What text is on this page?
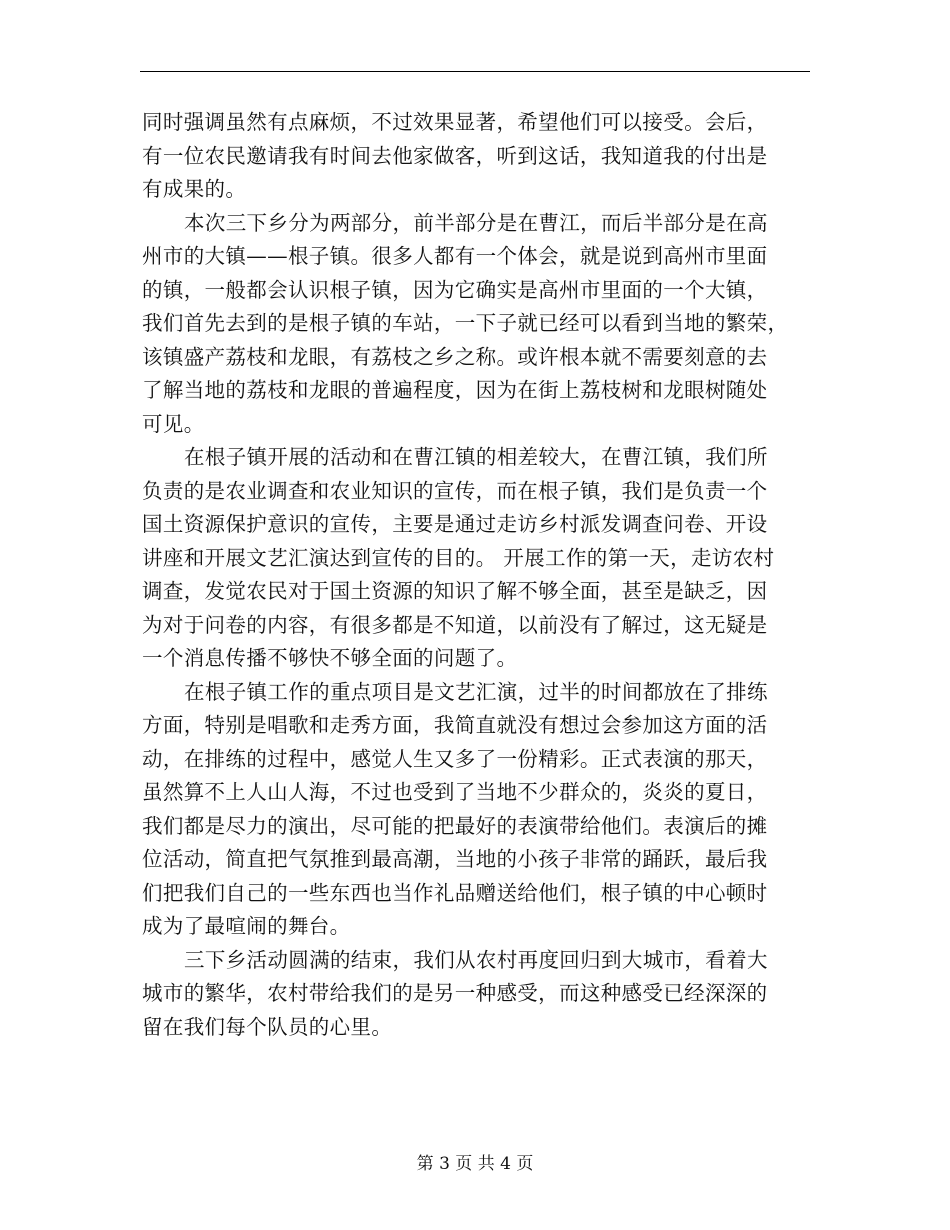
同时强调虽然有点麻烦，不过效果显著，希望他们可以接受。会后，
有一位农民邀请我有时间去他家做客，听到这话，我知道我的付出是
有成果的。
本次三下乡分为两部分，前半部分是在曹江，而后半部分是在高
州市的大镇——根子镇。很多人都有一个体会，就是说到高州市里面
的镇，一般都会认识根子镇，因为它确实是高州市里面的一个大镇，
我们首先去到的是根子镇的车站，一下子就已经可以看到当地的繁荣，
该镇盛产荔枝和龙眼，有荔枝之乡之称。或许根本就不需要刻意的去
了解当地的荔枝和龙眼的普遍程度，因为在街上荔枝树和龙眼树随处
可见。
在根子镇开展的活动和在曹江镇的相差较大，在曹江镇，我们所
负责的是农业调查和农业知识的宣传，而在根子镇，我们是负责一个
国土资源保护意识的宣传，主要是通过走访乡村派发调查问卷、开设
讲座和开展文艺汇演达到宣传的目的。 开展工作的第一天，走访农村
调查，发觉农民对于国土资源的知识了解不够全面，甚至是缺乏，因
为对于问卷的内容，有很多都是不知道，以前没有了解过，这无疑是
一个消息传播不够快不够全面的问题了。
在根子镇工作的重点项目是文艺汇演，过半的时间都放在了排练
方面，特别是唱歌和走秀方面，我简直就没有想过会参加这方面的活
动，在排练的过程中，感觉人生又多了一份精彩。正式表演的那天，
虽然算不上人山人海，不过也受到了当地不少群众的，炎炎的夏日，
我们都是尽力的演出，尽可能的把最好的表演带给他们。表演后的摊
位活动，简直把气氛推到最高潮，当地的小孩子非常的踊跃，最后我
们把我们自己的一些东西也当作礼品赠送给他们，根子镇的中心顿时
成为了最喧闹的舞台。
三下乡活动圆满的结束，我们从农村再度回归到大城市，看着大
城市的繁华，农村带给我们的是另一种感受，而这种感受已经深深的
留在我们每个队员的心里。
第 3 页 共 4 页
